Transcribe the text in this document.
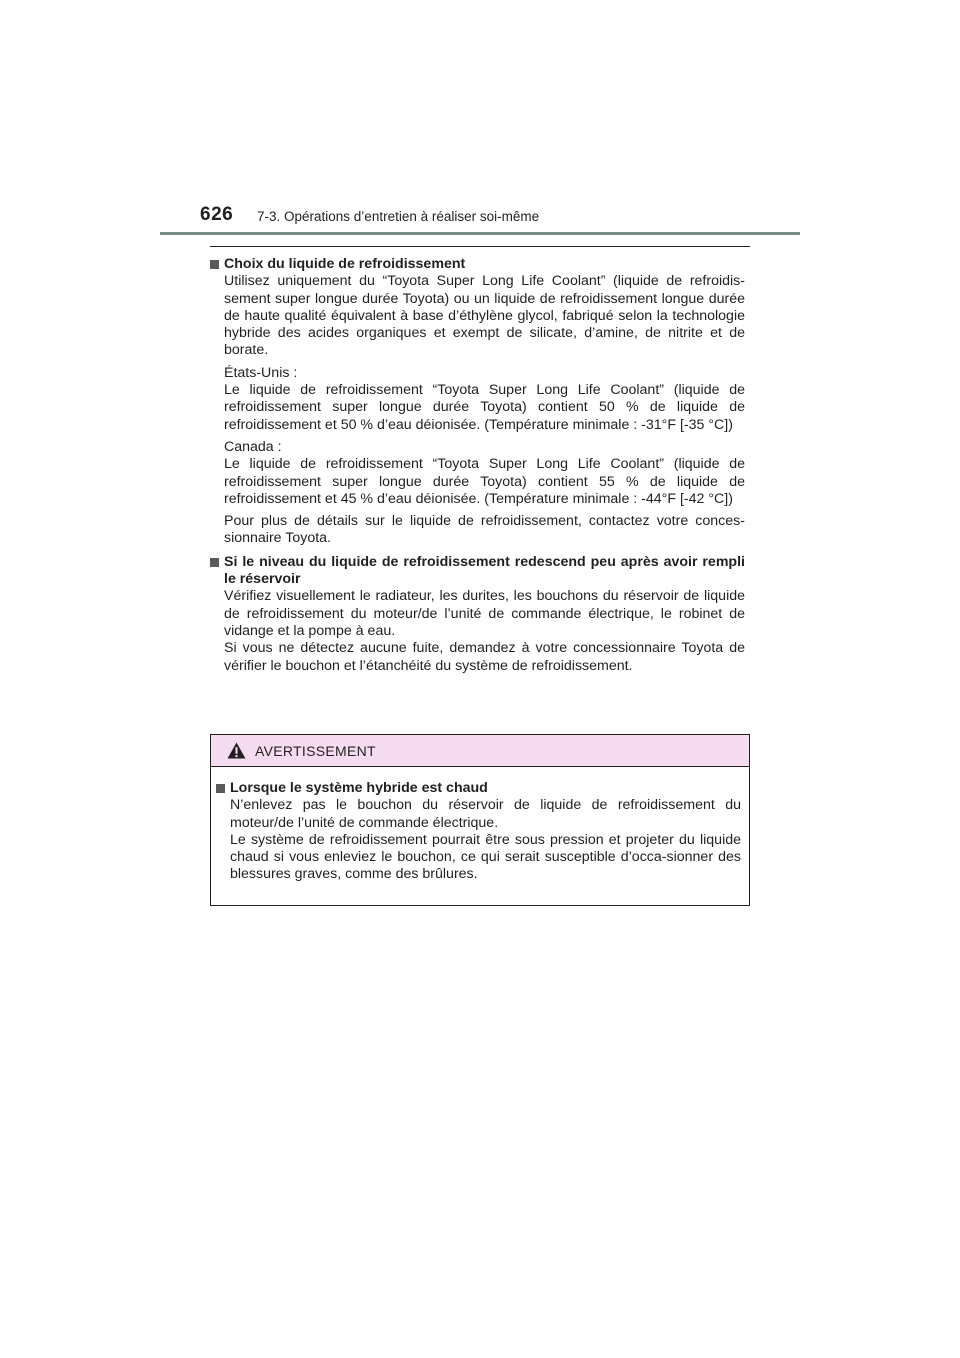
626 7-3. Opérations d’entretien à réaliser soi-même
Choix du liquide de refroidissement

Utilisez uniquement du “Toyota Super Long Life Coolant” (liquide de refroidis-sement super longue durée Toyota) ou un liquide de refroidissement longue durée de haute qualité équivalent à base d’éthylène glycol, fabriqué selon la technologie hybride des acides organiques et exempt de silicate, d’amine, de nitrite et de borate.

États-Unis :
Le liquide de refroidissement “Toyota Super Long Life Coolant” (liquide de refroidissement super longue durée Toyota) contient 50 % de liquide de refroidissement et 50 % d’eau déionisée. (Température minimale : -31°F [-35 °C])

Canada :
Le liquide de refroidissement “Toyota Super Long Life Coolant” (liquide de refroidissement super longue durée Toyota) contient 55 % de liquide de refroidissement et 45 % d’eau déionisée. (Température minimale : -44°F [-42 °C])

Pour plus de détails sur le liquide de refroidissement, contactez votre conces-sionnaire Toyota.

Si le niveau du liquide de refroidissement redescend peu après avoir rempli le réservoir

Vérifiez visuellement le radiateur, les durites, les bouchons du réservoir de liquide de refroidissement du moteur/de l’unité de commande électrique, le robinet de vidange et la pompe à eau.
Si vous ne détectez aucune fuite, demandez à votre concessionnaire Toyota de vérifier le bouchon et l’étanchéité du système de refroidissement.

AVERTISSEMENT
Lorsque le système hybride est chaud

N’enlevez pas le bouchon du réservoir de liquide de refroidissement du moteur/de l’unité de commande électrique.
Le système de refroidissement pourrait être sous pression et projeter du liquide chaud si vous enleviez le bouchon, ce qui serait susceptible d’occa-sionner des blessures graves, comme des brûlures.
